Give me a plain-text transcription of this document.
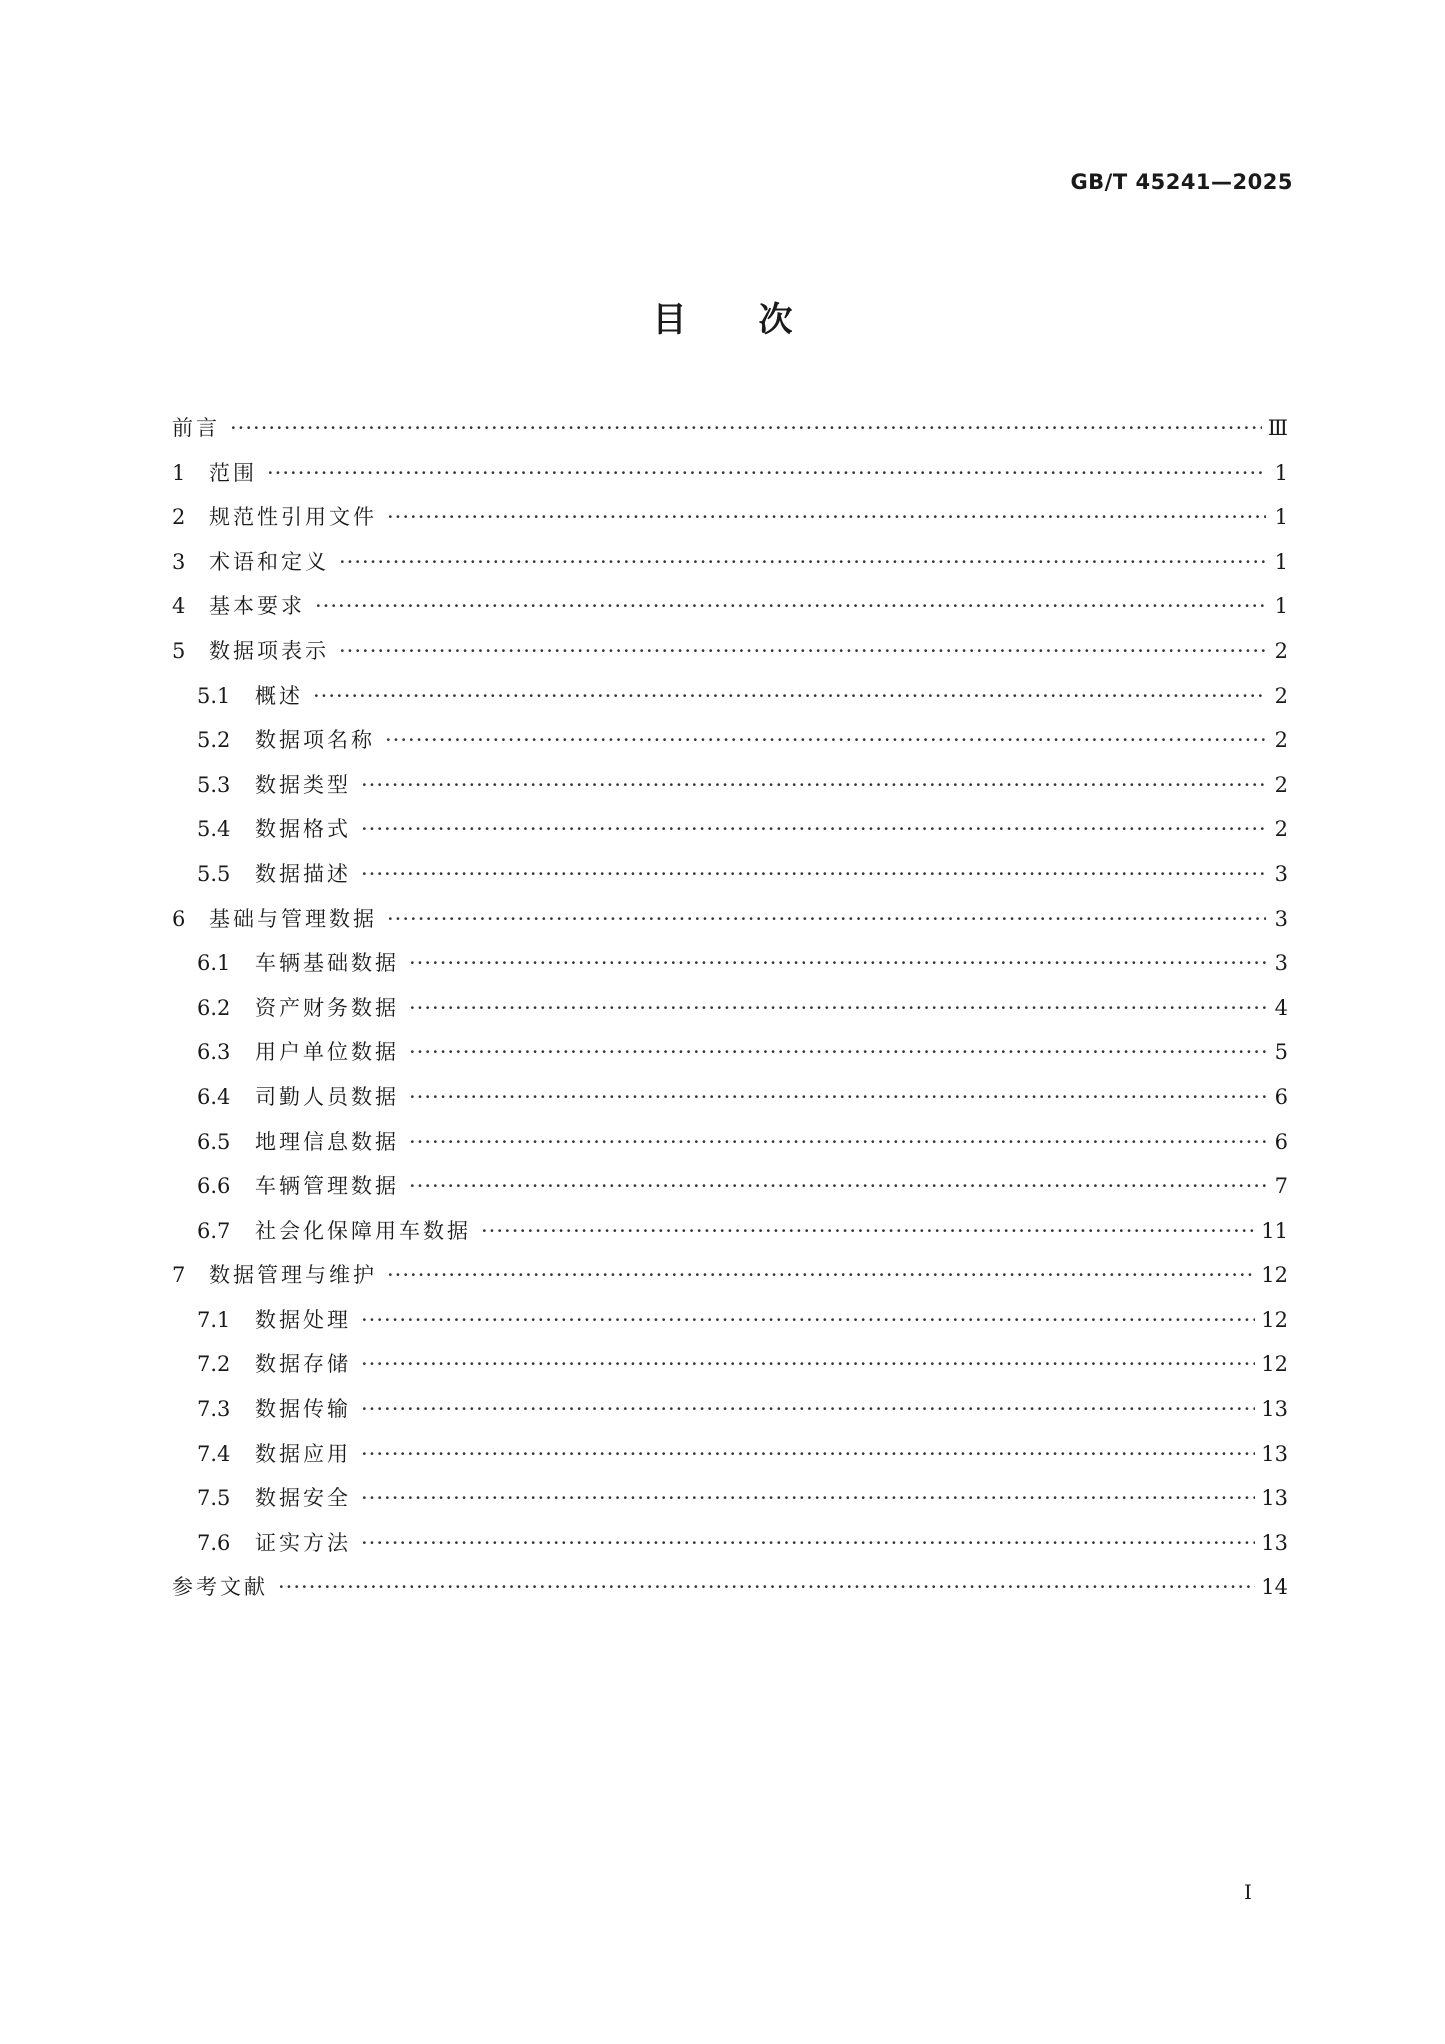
GB/T 45241—2025
目 次
前言 ·····	Ⅲ
1	范围 ·····	1
2	规范性引用文件 ·····	1
3	术语和定义 ·····	1
4	基本要求 ·····	1
5	数据项表示 ·····	2
5.1	概述 ·····	2
5.2	数据项名称 ·····	2
5.3	数据类型 ·····	2
5.4	数据格式 ·····	2
5.5	数据描述 ·····	3
6	基础与管理数据 ·····	3
6.1	车辆基础数据 ·····	3
6.2	资产财务数据 ·····	4
6.3	用户单位数据 ·····	5
6.4	司勤人员数据 ·····	6
6.5	地理信息数据 ·····	6
6.6	车辆管理数据 ·····	7
6.7	社会化保障用车数据 ·····	11
7	数据管理与维护 ·····	12
7.1	数据处理 ·····	12
7.2	数据存储 ·····	12
7.3	数据传输 ·····	13
7.4	数据应用 ·····	13
7.5	数据安全 ·····	13
7.6	证实方法 ·····	13
参考文献 ·····	14
I
